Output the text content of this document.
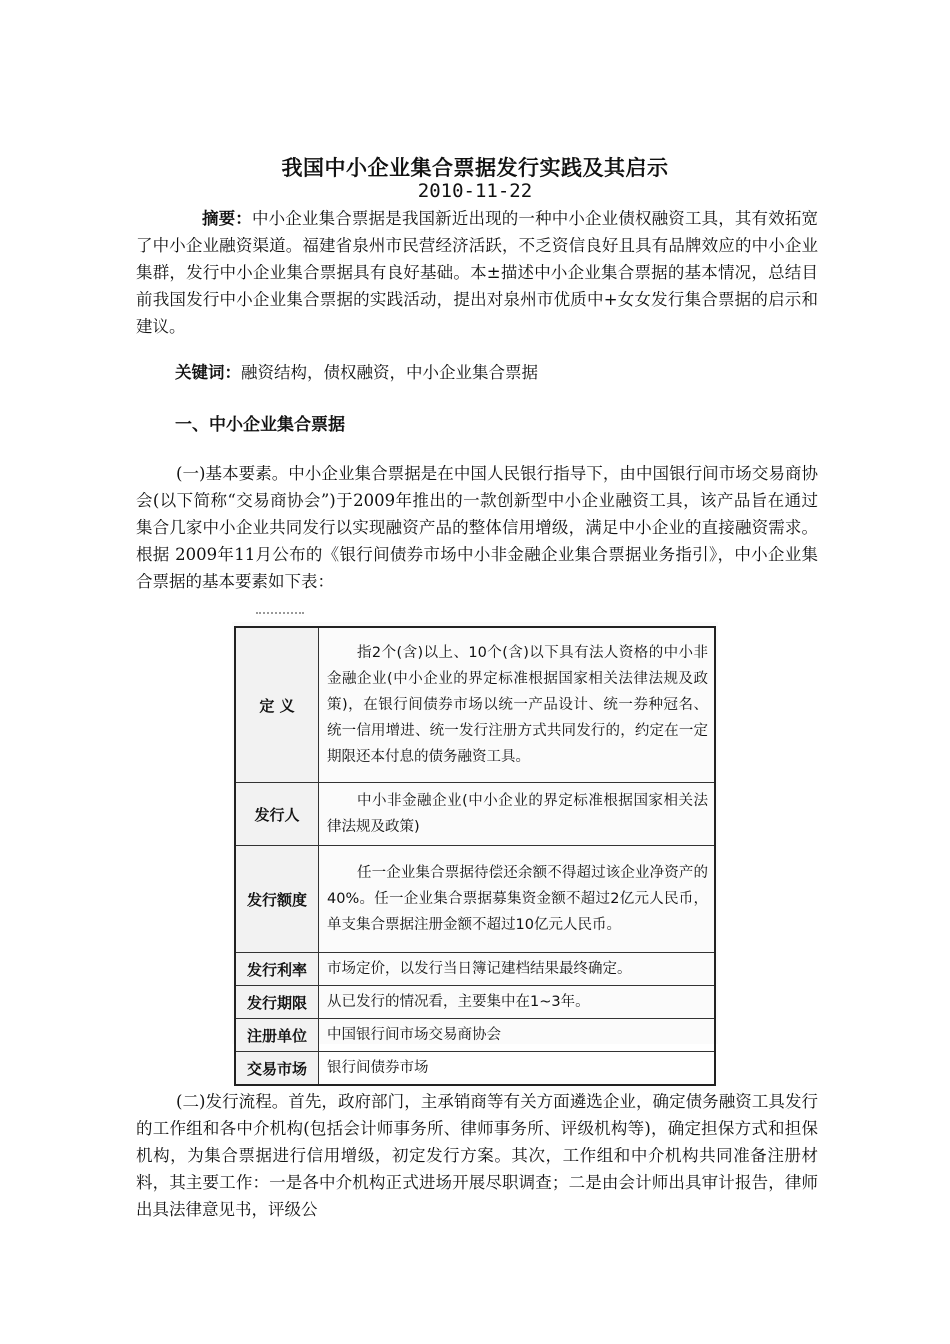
我国中小企业集合票据发行实践及其启示
2010-11-22
摘要：中小企业集合票据是我国新近出现的一种中小企业债权融资工具，其有效拓宽了中小企业融资渠道。福建省泉州市民营经济活跃，不乏资信良好且具有品牌效应的中小企业集群，发行中小企业集合票据具有良好基础。本±描述中小企业集合票据的基本情况，总结目前我国发行中小企业集合票据的实践活动，提出对泉州市优质中+女女发行集合票据的启示和建议。
关键词：融资结构，债权融资，中小企业集合票据
一、中小企业集合票据
(一)基本要素。中小企业集合票据是在中国人民银行指导下，由中国银行间市场交易商协会(以下简称“交易商协会”)于2009年推出的一款创新型中小企业融资工具，该产品旨在通过集合几家中小企业共同发行以实现融资产品的整体信用增级，满足中小企业的直接融资需求。根据 2009年11月公布的《银行间债券市场中小非金融企业集合票据业务指引》，中小企业集合票据的基本要素如下表：
定 义	指2个(含)以上、10个(含)以下具有法人资格的中小非金融企业(中小企业的界定标准根据国家相关法律法规及政策)，在银行间债券市场以统一产品设计、统一券种冠名、统一信用增进、统一发行注册方式共同发行的，约定在一定期限还本付息的债务融资工具。
发行人	中小非金融企业(中小企业的界定标准根据国家相关法律法规及政策)
发行额度	任一企业集合票据待偿还余额不得超过该企业净资产的40%。任一企业集合票据募集资金额不超过2亿元人民币，单支集合票据注册金额不超过10亿元人民币。
发行利率	市场定价，以发行当日簿记建档结果最终确定。
发行期限	从已发行的情况看，主要集中在1~3年。
注册单位	中国银行间市场交易商协会
交易市场	银行间债券市场
(二)发行流程。首先，政府部门，主承销商等有关方面遴选企业，确定债务融资工具发行的工作组和各中介机构(包括会计师事务所、律师事务所、评级机构等)，确定担保方式和担保机构，为集合票据进行信用增级，初定发行方案。其次，工作组和中介机构共同准备注册材料，其主要工作：一是各中介机构正式进场开展尽职调查；二是由会计师出具审计报告，律师出具法律意见书，评级公
